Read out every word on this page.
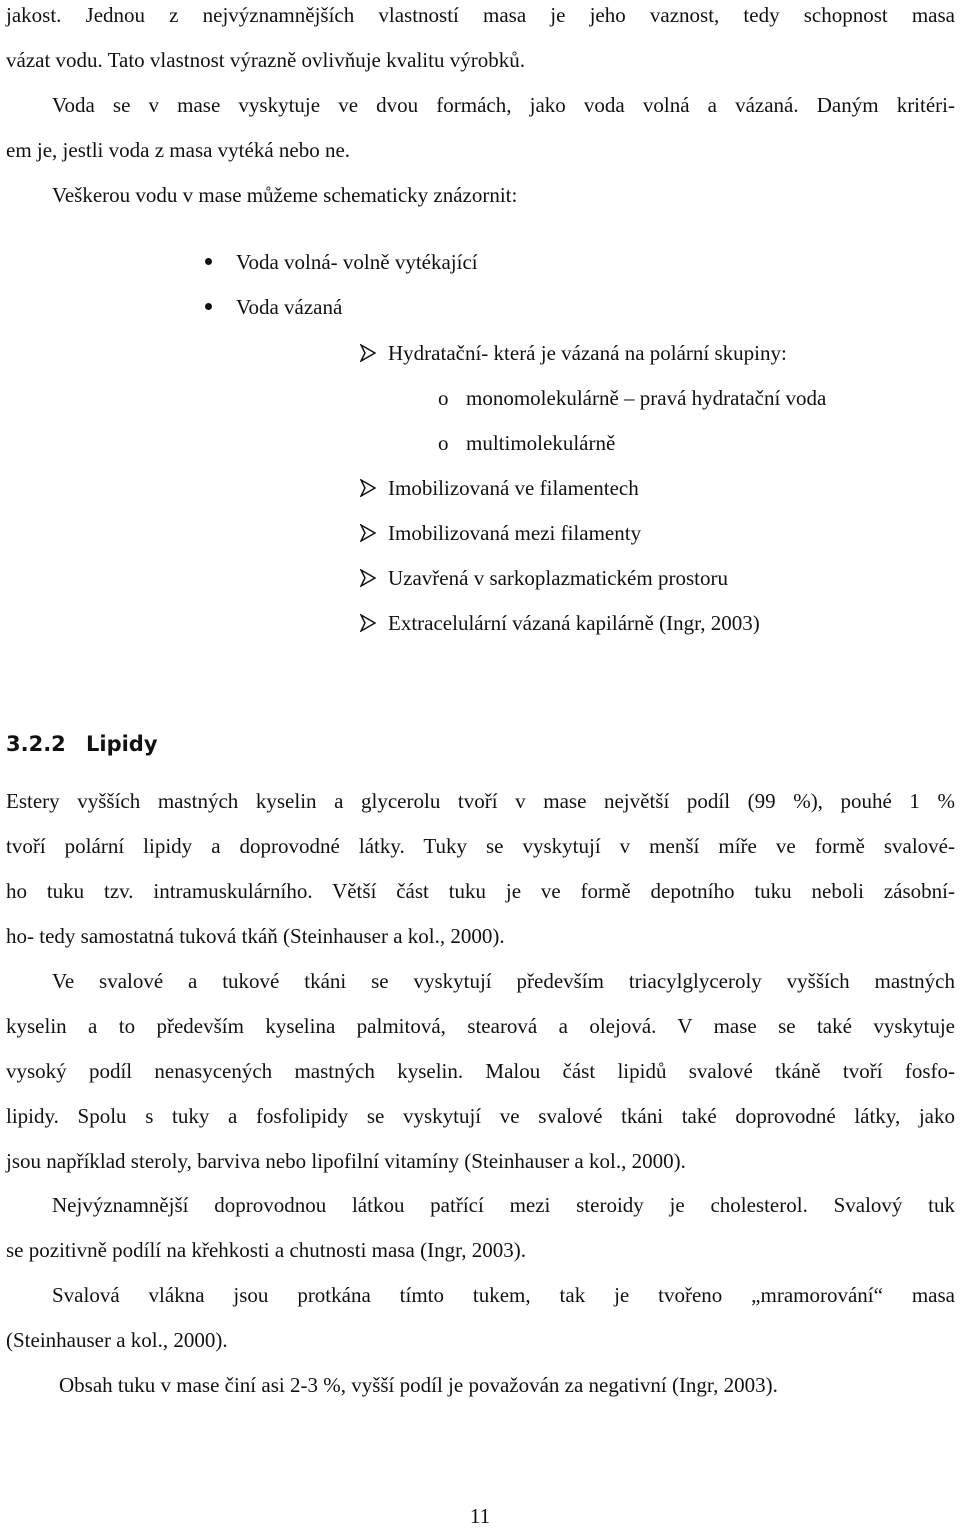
jakost. Jednou z nejvýznamnějších vlastností masa je jeho vaznost, tedy schopnost masa
vázat vodu. Tato vlastnost výrazně ovlivňuje kvalitu výrobků.
Voda se v mase vyskytuje ve dvou formách, jako voda volná a vázaná. Daným kritéri-
em je, jestli voda z masa vytéká nebo ne.
Veškerou vodu v mase můžeme schematicky znázornit:
Voda volná- volně vytékající
Voda vázaná
Hydratační- která je vázaná na polární skupiny:
o monomolekulárně – pravá hydratační voda
o multimolekulárně
Imobilizovaná ve filamentech
Imobilizovaná mezi filamenty
Uzavřená v sarkoplazmatickém prostoru
Extracelulární vázaná kapilárně (Ingr, 2003)
3.2.2 Lipidy
Estery vyšších mastných kyselin a glycerolu tvoří v mase největší podíl (99 %), pouhé 1 %
tvoří polární lipidy a doprovodné látky. Tuky se vyskytují v menší míře ve formě svalové-
ho tuku tzv. intramuskulárního. Větší část tuku je ve formě depotního tuku neboli zásobní-
ho- tedy samostatná tuková tkáň (Steinhauser a kol., 2000).
Ve svalové a tukové tkáni se vyskytují především triacylglyceroly vyšších mastných
kyselin a to především kyselina palmitová, stearová a olejová. V mase se také vyskytuje
vysoký podíl nenasycených mastných kyselin. Malou část lipidů svalové tkáně tvoří fosfo-
lipidy. Spolu s tuky a fosfolipidy se vyskytují ve svalové tkáni také doprovodné látky, jako
jsou například steroly, barviva nebo lipofilní vitamíny (Steinhauser a kol., 2000).
Nejvýznamnější doprovodnou látkou patřící mezi steroidy je cholesterol. Svalový tuk
se pozitivně podílí na křehkosti a chutnosti masa (Ingr, 2003).
Svalová vlákna jsou protkána tímto tukem, tak je tvořeno „mramorování“ masa
(Steinhauser a kol., 2000).
Obsah tuku v mase činí asi 2-3 %, vyšší podíl je považován za negativní (Ingr, 2003).
11
